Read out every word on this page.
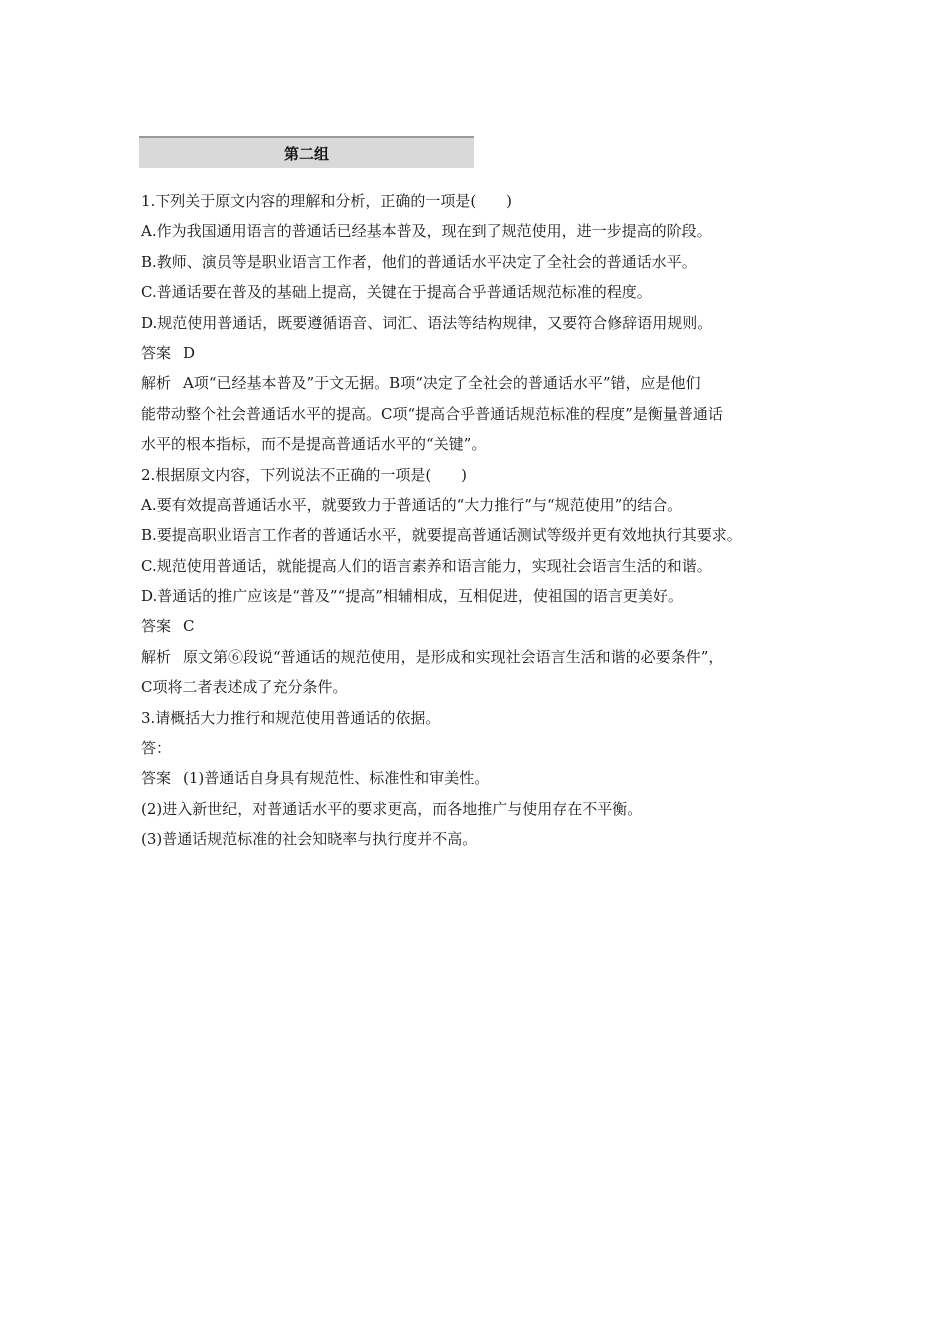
第二组
1.下列关于原文内容的理解和分析，正确的一项是(　　)
A.作为我国通用语言的普通话已经基本普及，现在到了规范使用，进一步提高的阶段。
B.教师、演员等是职业语言工作者，他们的普通话水平决定了全社会的普通话水平。
C.普通话要在普及的基础上提高，关键在于提高合乎普通话规范标准的程度。
D.规范使用普通话，既要遵循语音、词汇、语法等结构规律，又要符合修辞语用规则。
答案 D
解析 A项“已经基本普及”于文无据。B项“决定了全社会的普通话水平”错，应是他们
能带动整个社会普通话水平的提高。C项“提高合乎普通话规范标准的程度”是衡量普通话
水平的根本指标，而不是提高普通话水平的“关键”。
2.根据原文内容，下列说法不正确的一项是(　　)
A.要有效提高普通话水平，就要致力于普通话的“大力推行”与“规范使用”的结合。
B.要提高职业语言工作者的普通话水平，就要提高普通话测试等级并更有效地执行其要求。
C.规范使用普通话，就能提高人们的语言素养和语言能力，实现社会语言生活的和谐。
D.普通话的推广应该是“普及”“提高”相辅相成，互相促进，使祖国的语言更美好。
答案 C
解析 原文第⑥段说“普通话的规范使用，是形成和实现社会语言生活和谐的必要条件”，
C项将二者表述成了充分条件。
3.请概括大力推行和规范使用普通话的依据。
答：
答案 (1)普通话自身具有规范性、标准性和审美性。
(2)进入新世纪，对普通话水平的要求更高，而各地推广与使用存在不平衡。
(3)普通话规范标准的社会知晓率与执行度并不高。
